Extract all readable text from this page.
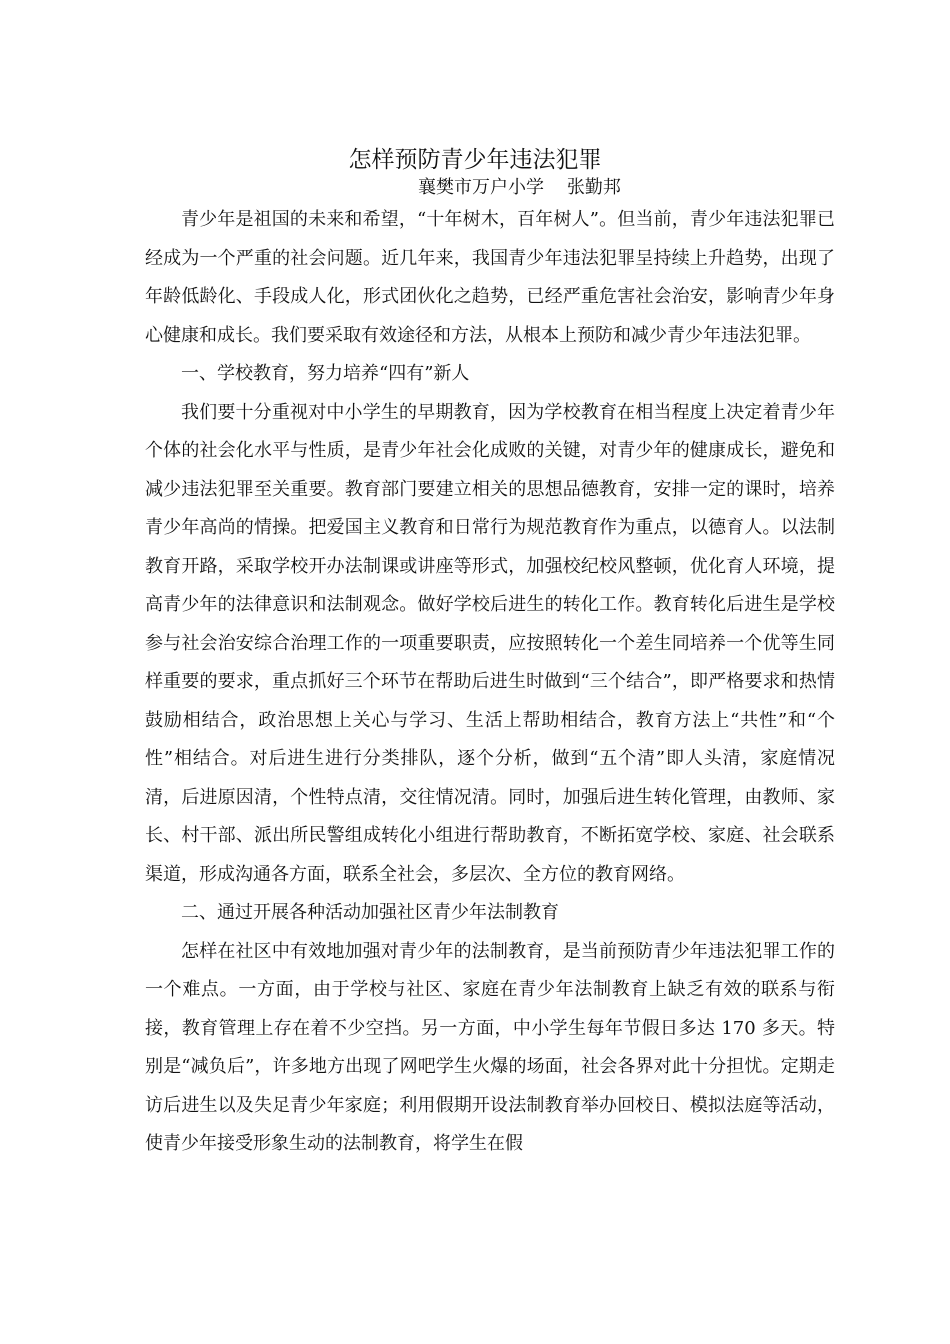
怎样预防青少年违法犯罪
襄樊市万户小学    张勤邦

青少年是祖国的未来和希望，“十年树木，百年树人”。但当前，青少年违法犯罪已经成为一个严重的社会问题。近几年来，我国青少年违法犯罪呈持续上升趋势，出现了年龄低龄化、手段成人化，形式团伙化之趋势，已经严重危害社会治安，影响青少年身心健康和成长。我们要采取有效途径和方法，从根本上预防和减少青少年违法犯罪。

一、学校教育，努力培养“四有”新人

我们要十分重视对中小学生的早期教育，因为学校教育在相当程度上决定着青少年个体的社会化水平与性质，是青少年社会化成败的关键，对青少年的健康成长，避免和减少违法犯罪至关重要。教育部门要建立相关的思想品德教育，安排一定的课时，培养青少年高尚的情操。把爱国主义教育和日常行为规范教育作为重点，以德育人。以法制教育开路，采取学校开办法制课或讲座等形式，加强校纪校风整顿，优化育人环境，提高青少年的法律意识和法制观念。做好学校后进生的转化工作。教育转化后进生是学校参与社会治安综合治理工作的一项重要职责，应按照转化一个差生同培养一个优等生同样重要的要求，重点抓好三个环节在帮助后进生时做到“三个结合”，即严格要求和热情鼓励相结合，政治思想上关心与学习、生活上帮助相结合，教育方法上“共性”和“个性”相结合。对后进生进行分类排队，逐个分析，做到“五个清”即人头清，家庭情况清，后进原因清，个性特点清，交往情况清。同时，加强后进生转化管理，由教师、家长、村干部、派出所民警组成转化小组进行帮助教育，不断拓宽学校、家庭、社会联系渠道，形成沟通各方面，联系全社会，多层次、全方位的教育网络。

二、通过开展各种活动加强社区青少年法制教育

怎样在社区中有效地加强对青少年的法制教育，是当前预防青少年违法犯罪工作的一个难点。一方面，由于学校与社区、家庭在青少年法制教育上缺乏有效的联系与衔接，教育管理上存在着不少空挡。另一方面，中小学生每年节假日多达 170 多天。特别是“减负后”，许多地方出现了网吧学生火爆的场面，社会各界对此十分担忧。定期走访后进生以及失足青少年家庭；利用假期开设法制教育举办回校日、模拟法庭等活动，使青少年接受形象生动的法制教育，将学生在假
